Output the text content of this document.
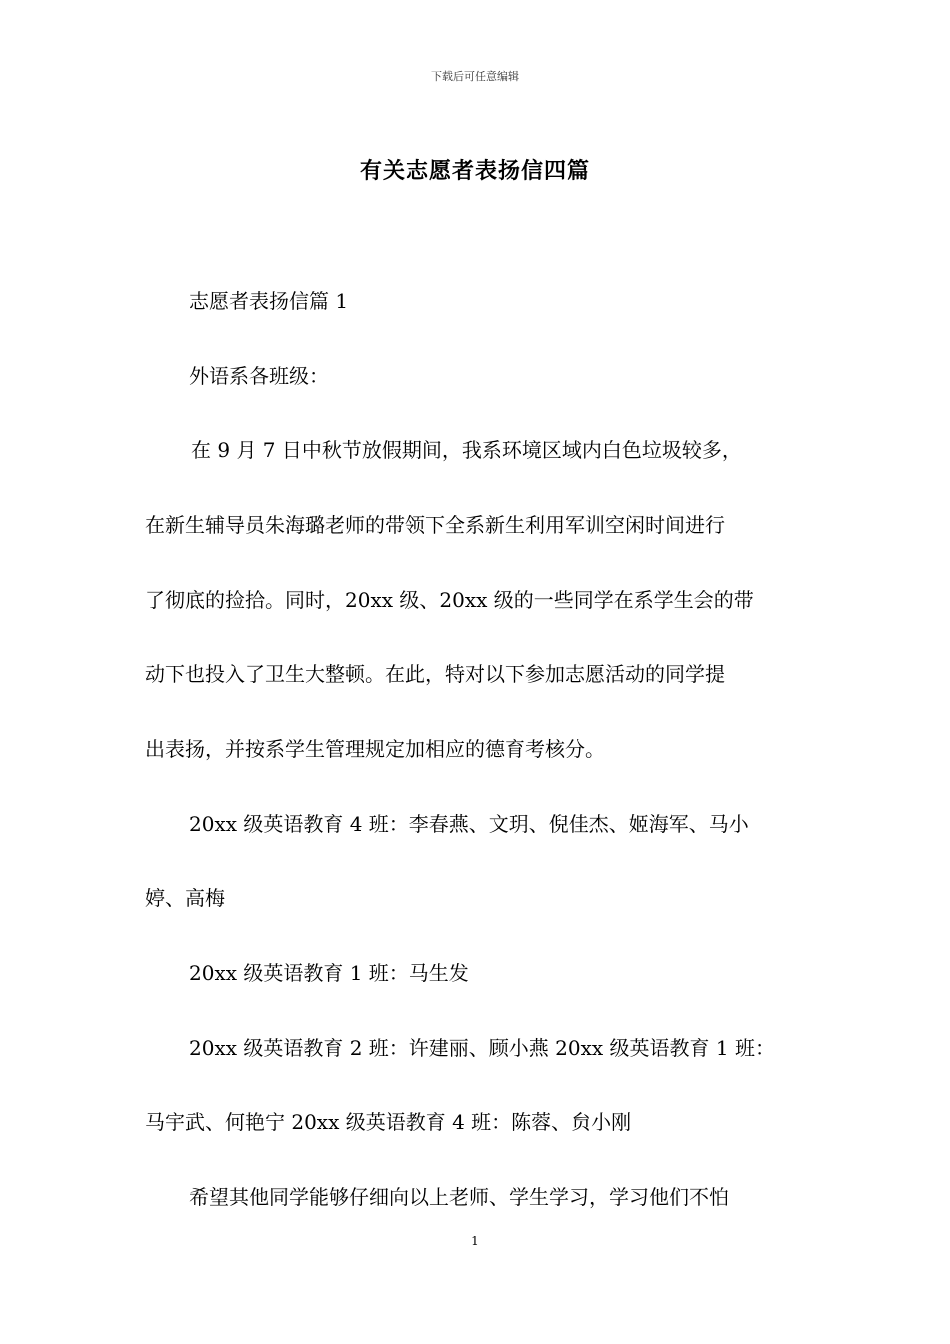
下载后可任意编辑
有关志愿者表扬信四篇
志愿者表扬信篇 1
外语系各班级：
在 9 月 7 日中秋节放假期间，我系环境区域内白色垃圾较多，
在新生辅导员朱海璐老师的带领下全系新生利用军训空闲时间进行
了彻底的捡拾。同时，20xx 级、20xx 级的一些同学在系学生会的带
动下也投入了卫生大整顿。在此，特对以下参加志愿活动的同学提
出表扬，并按系学生管理规定加相应的德育考核分。
20xx 级英语教育 4 班：李春燕、文玥、倪佳杰、姬海军、马小
婷、高梅
20xx 级英语教育 1 班：马生发
20xx 级英语教育 2 班：许建丽、顾小燕 20xx 级英语教育 1 班：
马宇武、何艳宁 20xx 级英语教育 4 班：陈蓉、贠小刚
希望其他同学能够仔细向以上老师、学生学习，学习他们不怕
1
